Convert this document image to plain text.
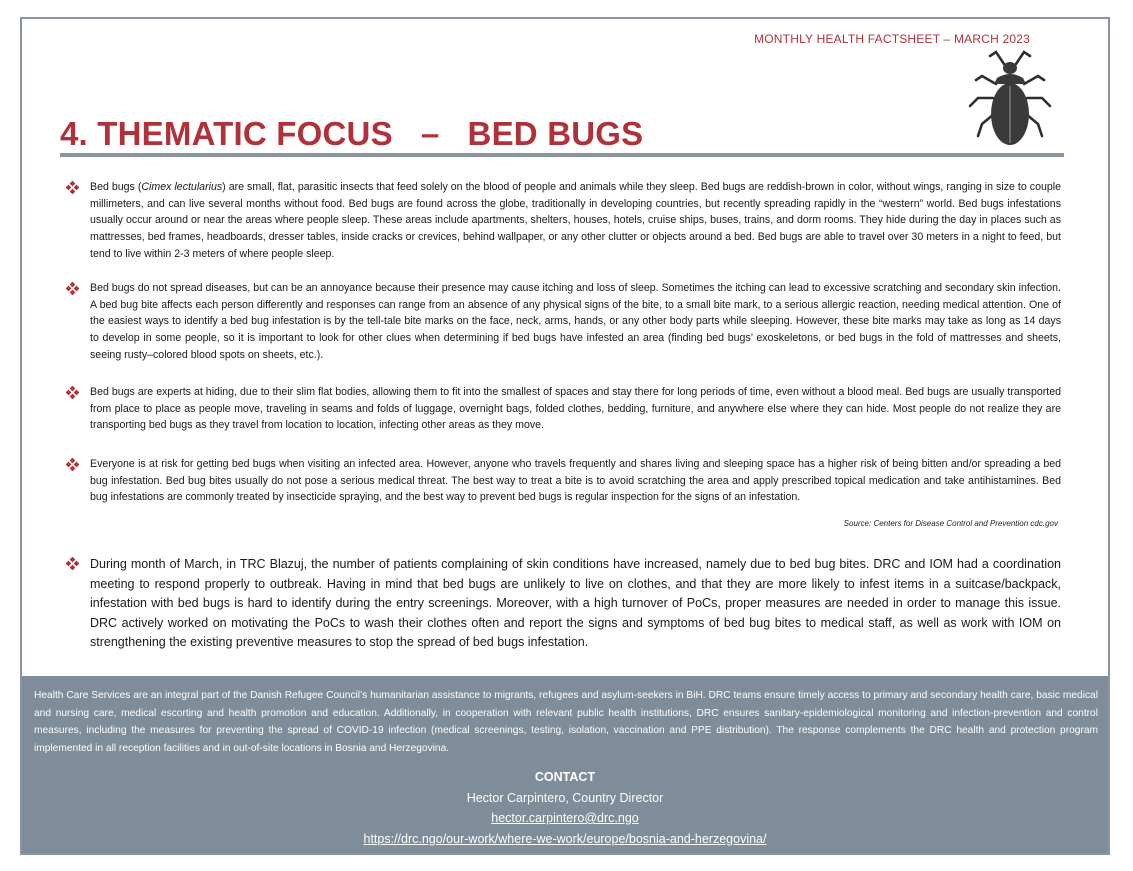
MONTHLY HEALTH FACTSHEET – MARCH 2023
4. THEMATIC FOCUS   –   BED BUGS

Bed bugs (Cimex lectularius) are small, flat, parasitic insects that feed solely on the blood of people and animals while they sleep. Bed bugs are reddish-brown in color, without wings, ranging in size to couple millimeters, and can live several months without food. Bed bugs are found across the globe, traditionally in developing countries, but recently spreading rapidly in the “western” world. Bed bugs infestations usually occur around or near the areas where people sleep. These areas include apartments, shelters, houses, hotels, cruise ships, buses, trains, and dorm rooms. They hide during the day in places such as mattresses, bed frames, headboards, dresser tables, inside cracks or crevices, behind wallpaper, or any other clutter or objects around a bed. Bed bugs are able to travel over 30 meters in a night to feed, but tend to live within 2-3 meters of where people sleep.

Bed bugs do not spread diseases, but can be an annoyance because their presence may cause itching and loss of sleep. Sometimes the itching can lead to excessive scratching and secondary skin infection. A bed bug bite affects each person differently and responses can range from an absence of any physical signs of the bite, to a small bite mark, to a serious allergic reaction, needing medical attention. One of the easiest ways to identify a bed bug infestation is by the tell-tale bite marks on the face, neck, arms, hands, or any other body parts while sleeping. However, these bite marks may take as long as 14 days to develop in some people, so it is important to look for other clues when determining if bed bugs have infested an area (finding bed bugs’ exoskeletons, or bed bugs in the fold of mattresses and sheets, seeing rusty–colored blood spots on sheets, etc.).

Bed bugs are experts at hiding, due to their slim flat bodies, allowing them to fit into the smallest of spaces and stay there for long periods of time, even without a blood meal. Bed bugs are usually transported from place to place as people move, traveling in seams and folds of luggage, overnight bags, folded clothes, bedding, furniture, and anywhere else where they can hide. Most people do not realize they are transporting bed bugs as they travel from location to location, infecting other areas as they move.

Everyone is at risk for getting bed bugs when visiting an infected area. However, anyone who travels frequently and shares living and sleeping space has a higher risk of being bitten and/or spreading a bed bug infestation. Bed bug bites usually do not pose a serious medical threat. The best way to treat a bite is to avoid scratching the area and apply prescribed topical medication and take antihistamines. Bed bug infestations are commonly treated by insecticide spraying, and the best way to prevent bed bugs is regular inspection for the signs of an infestation.

Source: Centers for Disease Control and Prevention cdc.gov

During month of March, in TRC Blazuj, the number of patients complaining of skin conditions have increased, namely due to bed bug bites. DRC and IOM had a coordination meeting to respond properly to outbreak. Having in mind that bed bugs are unlikely to live on clothes, and that they are more likely to infest items in a suitcase/backpack, infestation with bed bugs is hard to identify during the entry screenings. Moreover, with a high turnover of PoCs, proper measures are needed in order to manage this issue. DRC actively worked on motivating the PoCs to wash their clothes often and report the signs and symptoms of bed bug bites to medical staff, as well as work with IOM on strengthening the existing preventive measures to stop the spread of bed bugs infestation.

Health Care Services are an integral part of the Danish Refugee Council’s humanitarian assistance to migrants, refugees and asylum-seekers in BiH. DRC teams ensure timely access to primary and secondary health care, basic medical and nursing care, medical escorting and health promotion and education. Additionally, in cooperation with relevant public health institutions, DRC ensures sanitary-epidemiological monitoring and infection-prevention and control measures, including the measures for preventing the spread of COVID-19 infection (medical screenings, testing, isolation, vaccination and PPE distribution). The response complements the DRC health and protection program implemented in all reception facilities and in out-of-site locations in Bosnia and Herzegovina.

CONTACT
Hector Carpintero, Country Director
hector.carpintero@drc.ngo
https://drc.ngo/our-work/where-we-work/europe/bosnia-and-herzegovina/
